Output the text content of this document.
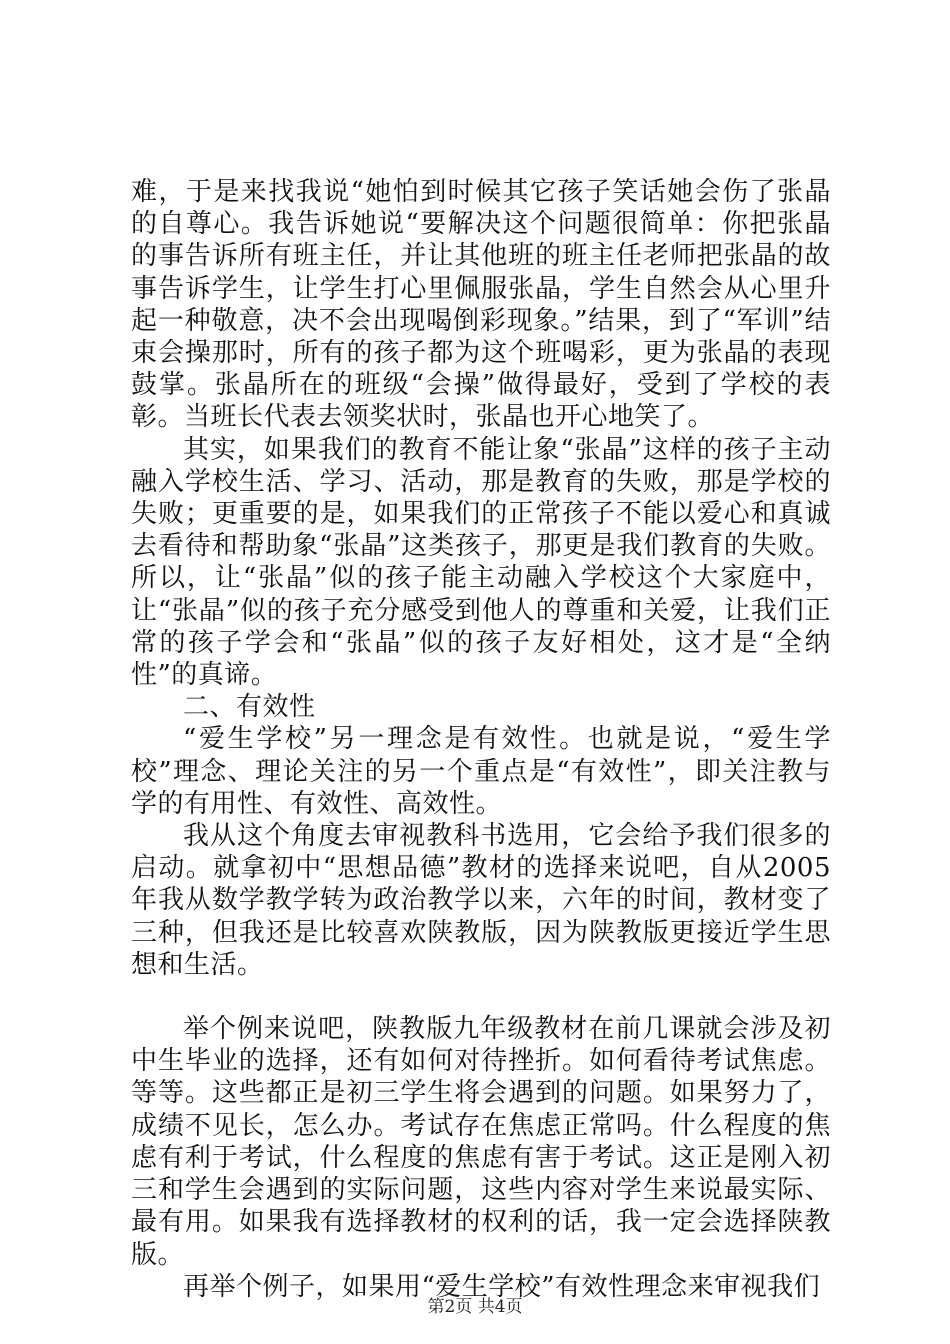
难，于是来找我说“她怕到时候其它孩子笑话她会伤了张晶的自尊心。我告诉她说“要解决这个问题很简单：你把张晶的事告诉所有班主任，并让其他班的班主任老师把张晶的故事告诉学生，让学生打心里佩服张晶，学生自然会从心里升起一种敬意，决不会出现喝倒彩现象。”结果，到了“军训”结束会操那时，所有的孩子都为这个班喝彩，更为张晶的表现鼓掌。张晶所在的班级“会操”做得最好，受到了学校的表彰。当班长代表去领奖状时，张晶也开心地笑了。

其实，如果我们的教育不能让象“张晶”这样的孩子主动融入学校生活、学习、活动，那是教育的失败，那是学校的失败；更重要的是，如果我们的正常孩子不能以爱心和真诚去看待和帮助象“张晶”这类孩子，那更是我们教育的失败。所以，让“张晶”似的孩子能主动融入学校这个大家庭中，让“张晶”似的孩子充分感受到他人的尊重和关爱，让我们正常的孩子学会和“张晶”似的孩子友好相处，这才是“全纳性”的真谛。

二、有效性

“爱生学校”另一理念是有效性。也就是说，“爱生学校”理念、理论关注的另一个重点是“有效性”，即关注教与学的有用性、有效性、高效性。

我从这个角度去审视教科书选用，它会给予我们很多的启动。就拿初中“思想品德”教材的选择来说吧，自从2005年我从数学教学转为政治教学以来，六年的时间，教材变了三种，但我还是比较喜欢陕教版，因为陕教版更接近学生思想和生活。

举个例来说吧，陕教版九年级教材在前几课就会涉及初中生毕业的选择，还有如何对待挫折。如何看待考试焦虑。等等。这些都正是初三学生将会遇到的问题。如果努力了，成绩不见长，怎么办。考试存在焦虑正常吗。什么程度的焦虑有利于考试，什么程度的焦虑有害于考试。这正是刚入初三和学生会遇到的实际问题，这些内容对学生来说最实际、最有用。如果我有选择教材的权利的话，我一定会选择陕教版。

再举个例子，如果用“爱生学校”有效性理念来审视我们

第2页 共4页
